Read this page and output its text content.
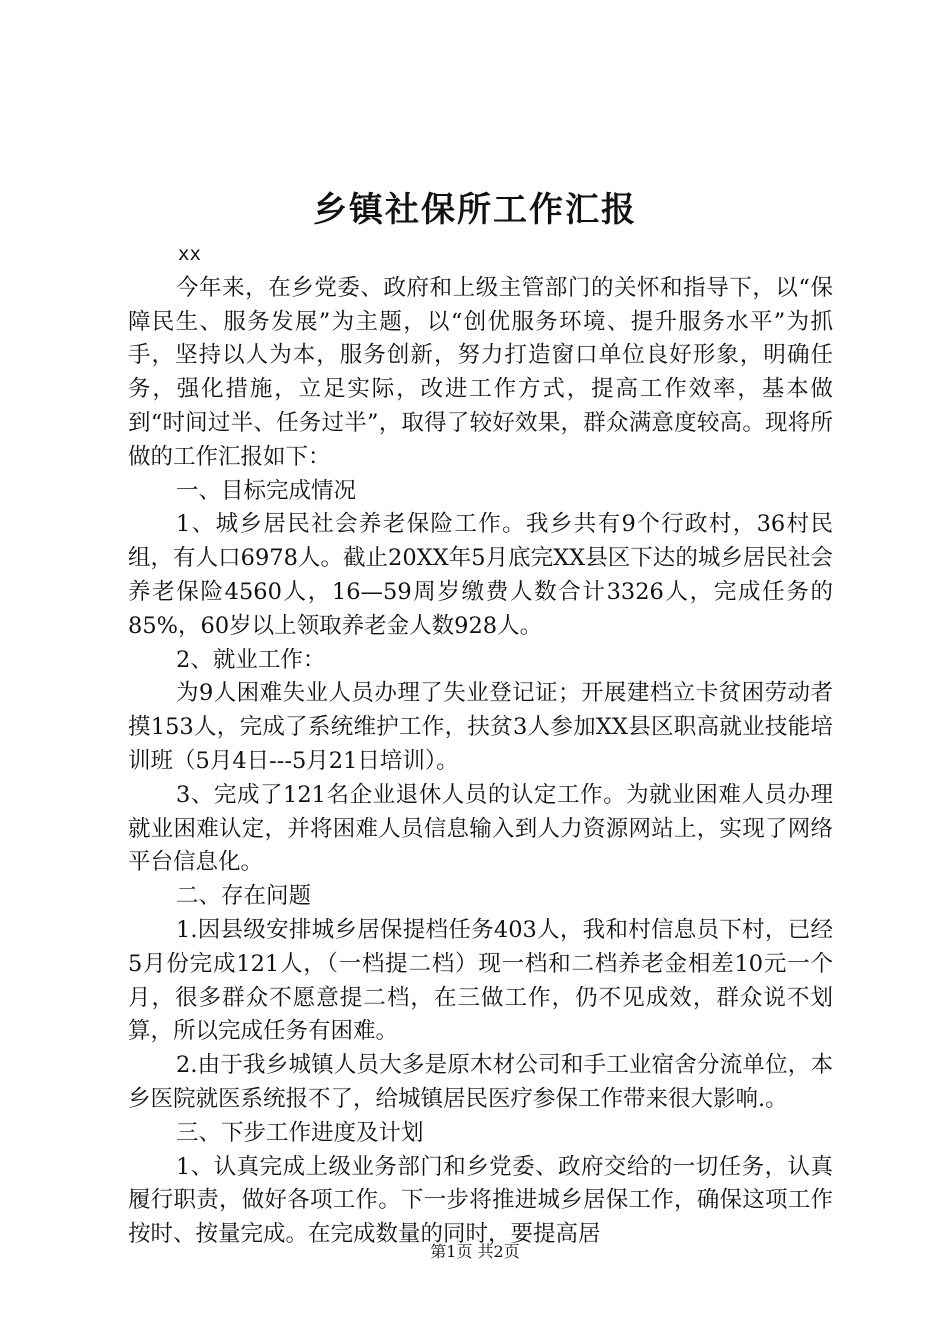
乡镇社保所工作汇报

xx

今年来，在乡党委、政府和上级主管部门的关怀和指导下，以“保障民生、服务发展”为主题，以“创优服务环境、提升服务水平”为抓手，坚持以人为本，服务创新，努力打造窗口单位良好形象，明确任务，强化措施，立足实际，改进工作方式，提高工作效率，基本做到“时间过半、任务过半”，取得了较好效果，群众满意度较高。现将所做的工作汇报如下：

一、目标完成情况

1、城乡居民社会养老保险工作。我乡共有9个行政村，36村民组，有人口6978人。截止20XX年5月底完XX县区下达的城乡居民社会养老保险4560人，16—59周岁缴费人数合计3326人，完成任务的85%，60岁以上领取养老金人数928人。

2、就业工作：

为9人困难失业人员办理了失业登记证；开展建档立卡贫困劳动者摸153人，完成了系统维护工作，扶贫3人参加XX县区职高就业技能培训班（5月4日---5月21日培训）。

3、完成了121名企业退休人员的认定工作。为就业困难人员办理就业困难认定，并将困难人员信息输入到人力资源网站上，实现了网络平台信息化。

二、存在问题

1.因县级安排城乡居保提档任务403人，我和村信息员下村，已经5月份完成121人，（一档提二档）现一档和二档养老金相差10元一个月，很多群众不愿意提二档，在三做工作，仍不见成效，群众说不划算，所以完成任务有困难。

2.由于我乡城镇人员大多是原木材公司和手工业宿舍分流单位，本乡医院就医系统报不了，给城镇居民医疗参保工作带来很大影响.。

三、下步工作进度及计划

1、认真完成上级业务部门和乡党委、政府交给的一切任务，认真履行职责，做好各项工作。下一步将推进城乡居保工作，确保这项工作按时、按量完成。在完成数量的同时，要提高居

第1页 共2页
